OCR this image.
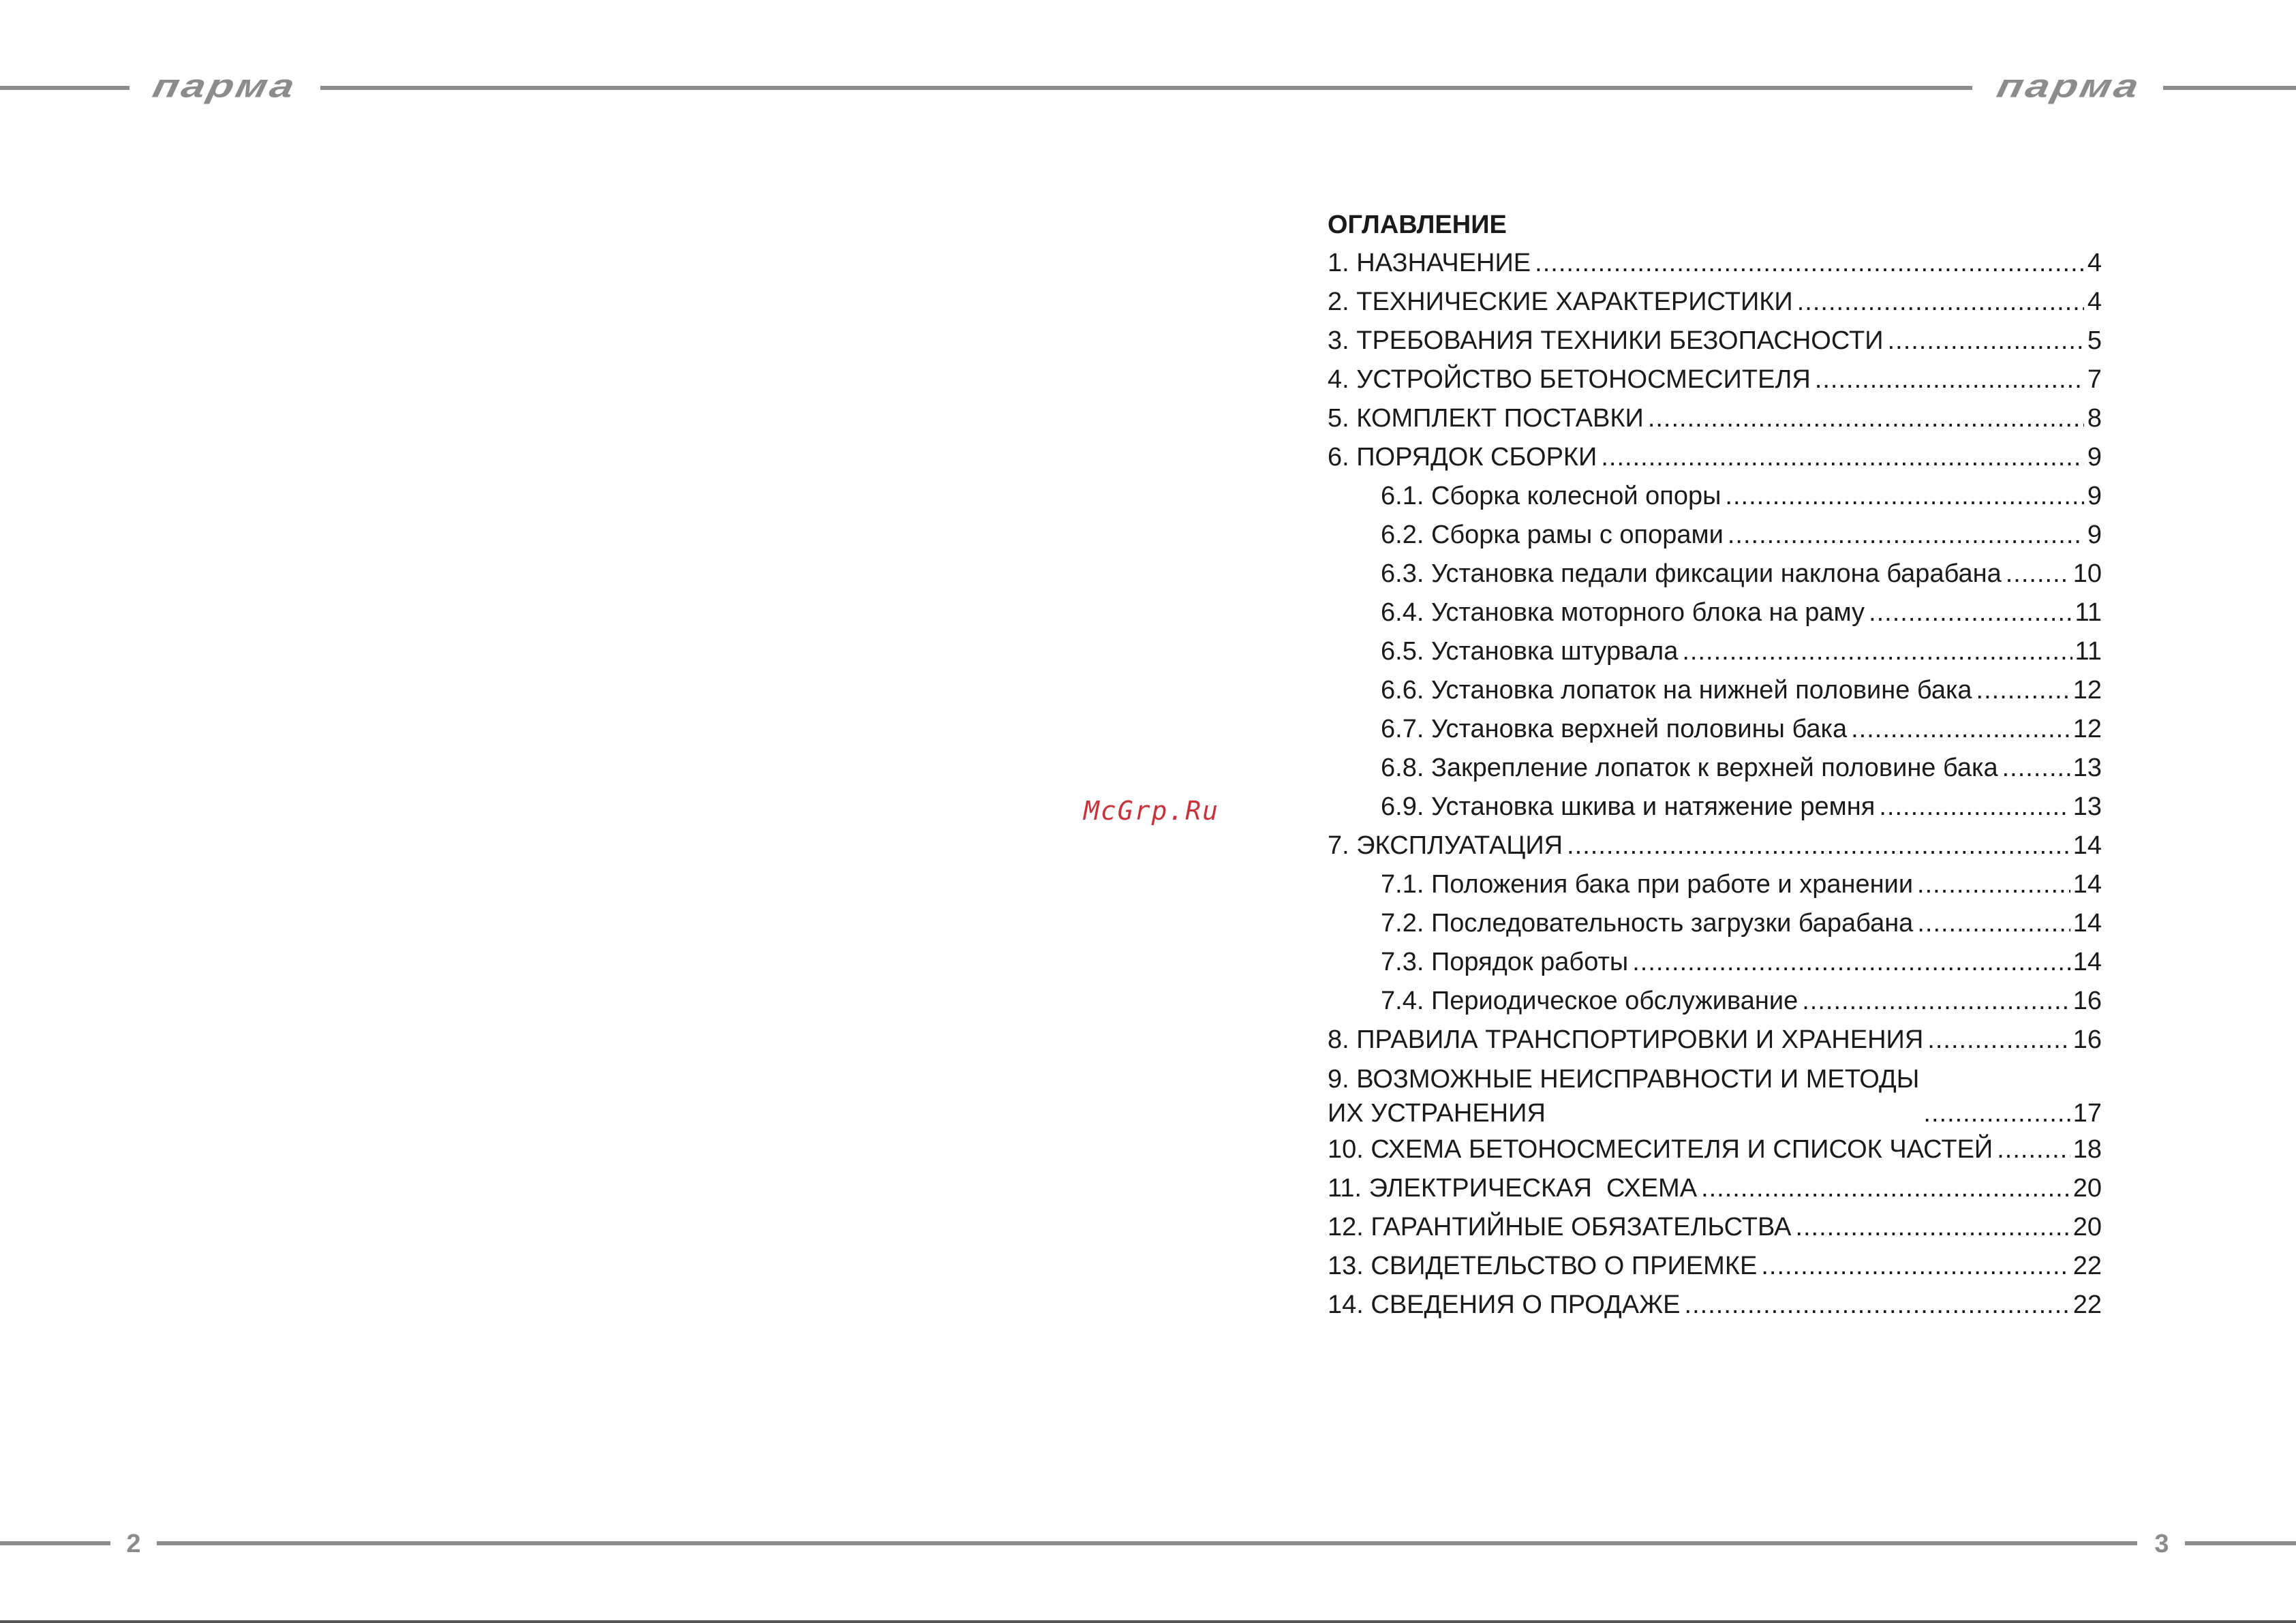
парма	парма
McGrp.Ru
ОГЛАВЛЕНИЕ
1. НАЗНАЧЕНИЕ .....	4
2. ТЕХНИЧЕСКИЕ ХАРАКТЕРИСТИКИ .....	4
3. ТРЕБОВАНИЯ ТЕХНИКИ БЕЗОПАСНОСТИ .....	5
4. УСТРОЙСТВО БЕТОНОСМЕСИТЕЛЯ .....	7
5. КОМПЛЕКТ ПОСТАВКИ .....	8
6. ПОРЯДОК СБОРКИ .....	9
6.1. Сборка колесной опоры .....	9
6.2. Сборка рамы с опорами .....	9
6.3. Установка педали фиксации наклона барабана .....	10
6.4. Установка моторного блока на раму .....	11
6.5. Установка штурвала .....	11
6.6. Установка лопаток на нижней половине бака .....	12
6.7. Установка верхней половины бака .....	12
6.8. Закрепление лопаток к верхней половине бака .....	13
6.9. Установка шкива и натяжение ремня .....	13
7. ЭКСПЛУАТАЦИЯ .....	14
7.1. Положения бака при работе и хранении .....	14
7.2. Последовательность загрузки барабана .....	14
7.3. Порядок работы .....	14
7.4. Периодическое обслуживание .....	16
8. ПРАВИЛА ТРАНСПОРТИРОВКИ И ХРАНЕНИЯ .....	16
9. ВОЗМОЖНЫЕ НЕИСПРАВНОСТИ И МЕТОДЫ
ИХ УСТРАНЕНИЯ .....	17
10. СХЕМА БЕТОНОСМЕСИТЕЛЯ И СПИСОК ЧАСТЕЙ .....	18
11. ЭЛЕКТРИЧЕСКАЯ  СХЕМА .....	20
12. ГАРАНТИЙНЫЕ ОБЯЗАТЕЛЬСТВА .....	20
13. СВИДЕТЕЛЬСТВО О ПРИЕМКЕ .....	22
14. СВЕДЕНИЯ О ПРОДАЖЕ .....	22
2	3
